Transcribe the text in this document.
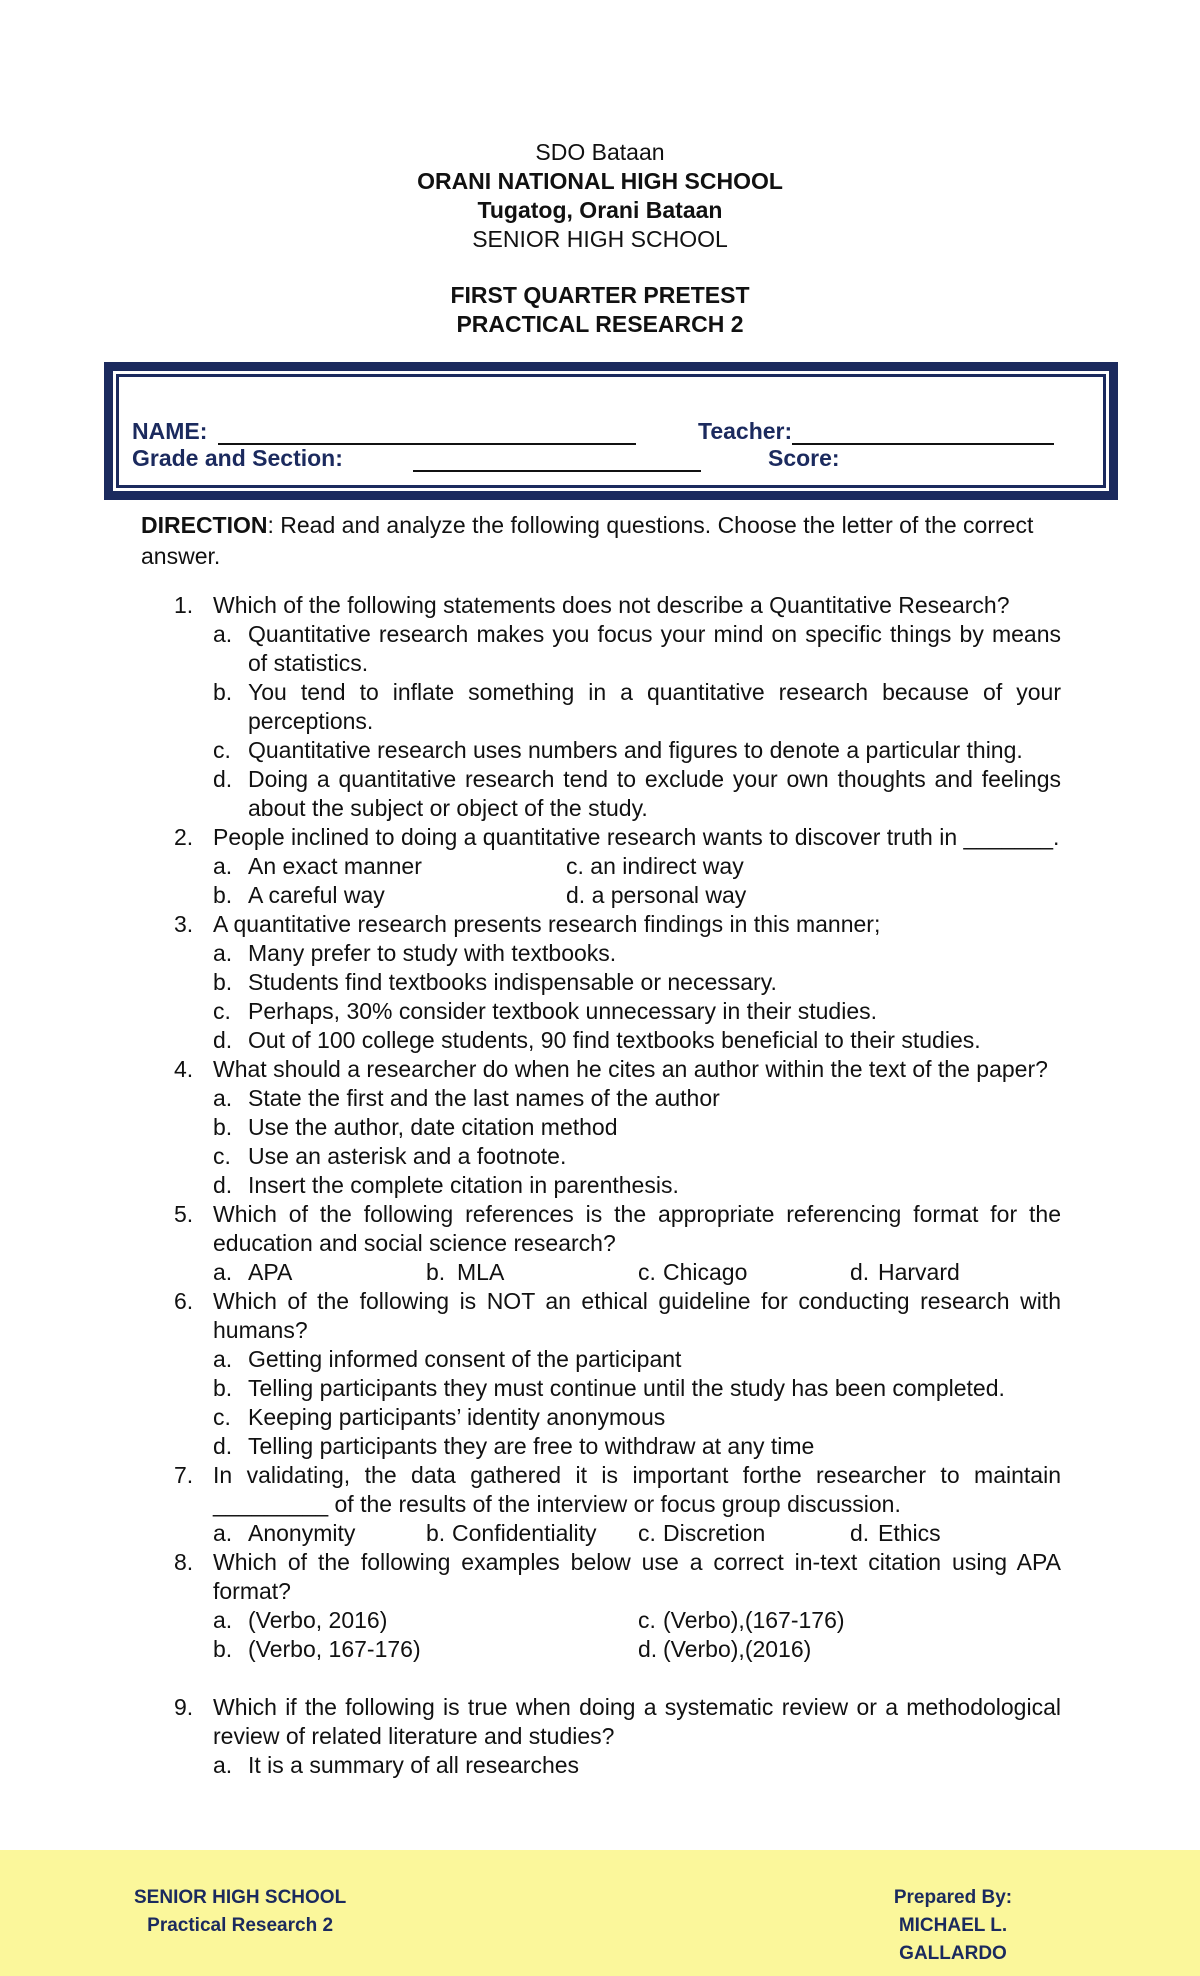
SDO Bataan
ORANI NATIONAL HIGH SCHOOL
Tugatog, Orani Bataan
SENIOR HIGH SCHOOL
FIRST QUARTER PRETEST
PRACTICAL RESEARCH 2
NAME:	Teacher:
Grade and Section:	Score:
DIRECTION: Read and analyze the following questions. Choose the letter of the correct answer.
1. Which of the following statements does not describe a Quantitative Research?
a. Quantitative research makes you focus your mind on specific things by means of statistics.
b. You tend to inflate something in a quantitative research because of your perceptions.
c. Quantitative research uses numbers and figures to denote a particular thing.
d. Doing a quantitative research tend to exclude your own thoughts and feelings about the subject or object of the study.
2. People inclined to doing a quantitative research wants to discover truth in _______.
a. An exact manner	c. an indirect way
b. A careful way	d. a personal way
3. A quantitative research presents research findings in this manner;
a. Many prefer to study with textbooks.
b. Students find textbooks indispensable or necessary.
c. Perhaps, 30% consider textbook unnecessary in their studies.
d. Out of 100 college students, 90 find textbooks beneficial to their studies.
4. What should a researcher do when he cites an author within the text of the paper?
a. State the first and the last names of the author
b. Use the author, date citation method
c. Use an asterisk and a footnote.
d. Insert the complete citation in parenthesis.
5. Which of the following references is the appropriate referencing format for the education and social science research?
a. APA	b. MLA	c. Chicago	d. Harvard
6. Which of the following is NOT an ethical guideline for conducting research with humans?
a. Getting informed consent of the participant
b. Telling participants they must continue until the study has been completed.
c. Keeping participants’ identity anonymous
d. Telling participants they are free to withdraw at any time
7. In validating, the data gathered it is important forthe researcher to maintain _________ of the results of the interview or focus group discussion.
a. Anonymity	b. Confidentiality c. Discretion	d. Ethics
8. Which of the following examples below use a correct in-text citation using APA format?
a. (Verbo, 2016)	c. (Verbo),(167-176)
b. (Verbo, 167-176)	d. (Verbo),(2016)
9. Which if the following is true when doing a systematic review or a methodological review of related literature and studies?
a. It is a summary of all researches
SENIOR HIGH SCHOOL
Practical Research 2
Prepared By:
MICHAEL L. GALLARDO
